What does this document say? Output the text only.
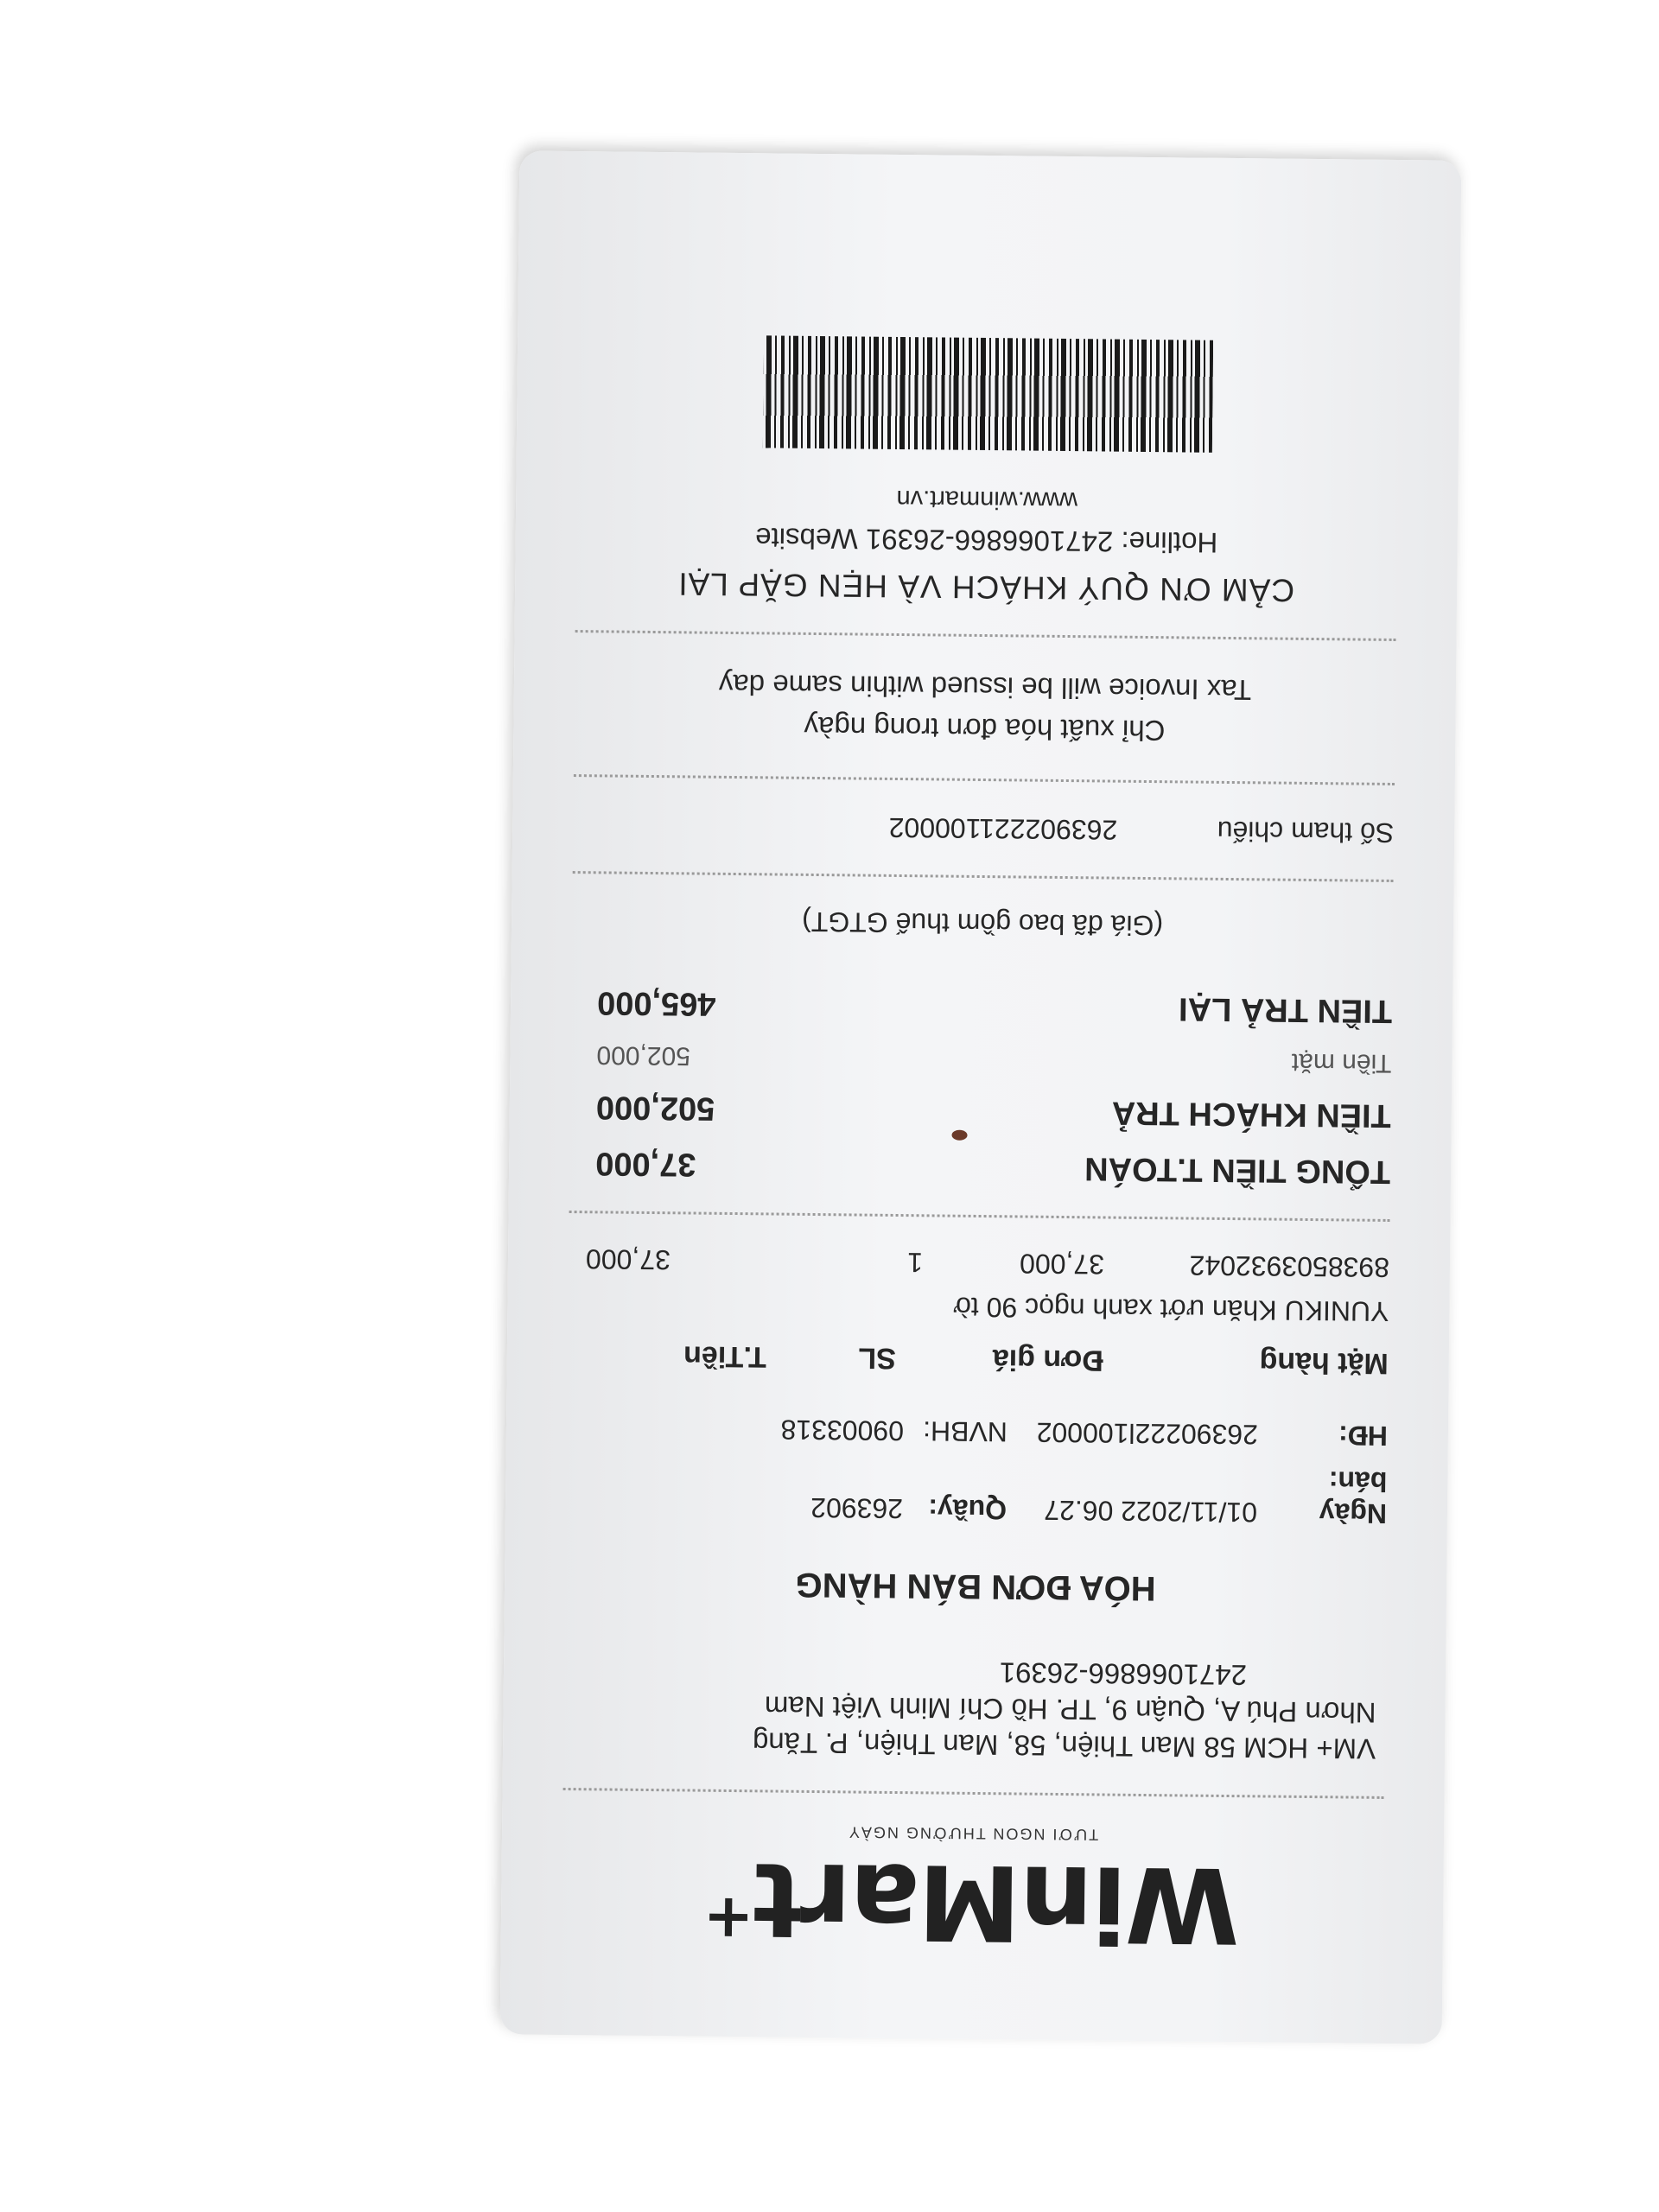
WinMart+
TƯƠI NGON THƯỜNG NGÀY
VM+ HCM 58 Man Thiện, 58, Man Thiện, P. Tăng
Nhơn Phú A, Quận 9, TP. Hồ Chí Minh Việt Nam
2471066866-26391
HÓA ĐƠN BÁN HÀNG
Ngày bán:
01/11/2022 06.27
Quầy:
263902
HĐ:
26390222l100002
NVBH:
09003318
Mặt hàng
Đơn giá
SL
T.Tiền
YUNIKU Khăn ướt xanh ngọc 90 tờ
8938503932042
37,000
1
37,000
TỔNG TIỀN T.TOÁN
37,000
TIỀN KHÁCH TRẢ
502,000
Tiền mặt
502,000
TIỀN TRẢ LẠI
465,000
(Giá đã bao gồm thuế GTGT)
Số tham chiếu
263902221100002
Chỉ xuất hóa đơn trong ngày
Tax Invoice will be issued within same day
CẢM ƠN QUÝ KHÁCH VÀ HẸN GẶP LẠI
Hotline: 2471066866-26391 Website
www.winmart.vn
